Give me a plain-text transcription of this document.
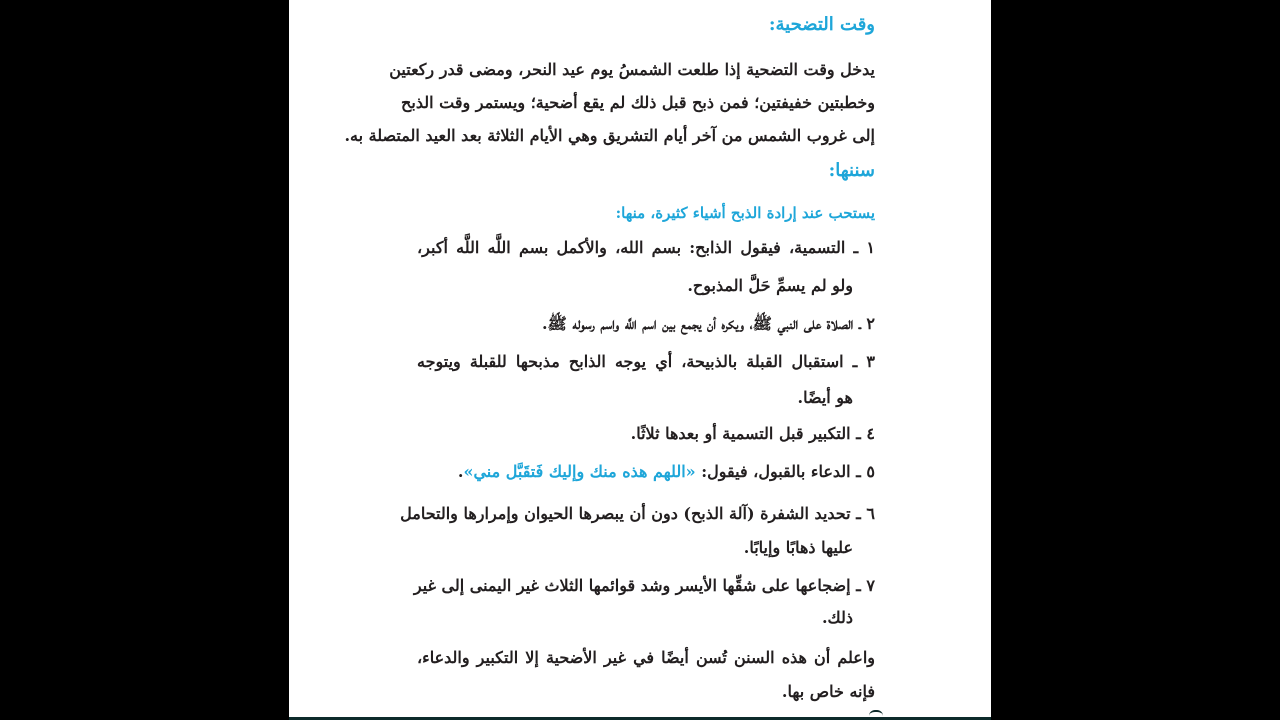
وقت التضحية:
يدخل وقت التضحية إذا طلعت الشمسُ يوم عيد النحر، ومضى قدر ركعتين
وخطبتين خفيفتين؛ فمن ذبح قبل ذلك لم يقع أضحية؛ ويستمر وقت الذبح
إلى غروب الشمس من آخر أيام التشريق وهي الأيام الثلاثة بعد العيد المتصلة به.
سننها:
يستحب عند إرادة الذبح أشياء كثيرة، منها:
١ ـ التسمية، فيقول الذابح: بسم الله، والأكمل بسم اللَّه اللَّه أكبر،
ولو لم يسمِّ حَلَّ المذبوح.
٢ ـ الصلاة على النبي ﷺ، ويكره أن يجمع بين اسم اللَّه واسم رسوله ﷺ.
٣ ـ استقبال القبلة بالذبيحة، أي يوجه الذابح مذبحها للقبلة ويتوجه
هو أيضًا.
٤ ـ التكبير قبل التسمية أو بعدها ثلاثًا.
٥ ـ الدعاء بالقبول، فيقول: «اللهم هذه منك وإليك فَتقَبَّل مني».
٦ ـ تحديد الشفرة (آلة الذبح) دون أن يبصرها الحيوان وإمرارها والتحامل
عليها ذهابًا وإيابًا.
٧ ـ إضجاعها على شقِّها الأيسر وشد قوائمها الثلاث غير اليمنى إلى غير
ذلك.
واعلم أن هذه السنن تُسن أيضًا في غير الأضحية إلا التكبير والدعاء،
فإنه خاص بها.
